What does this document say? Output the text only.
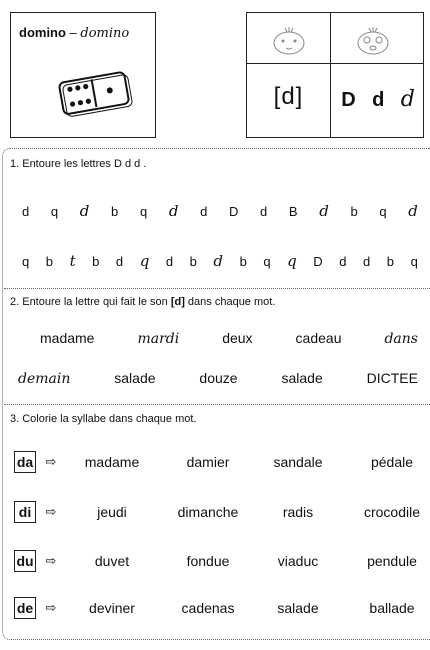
domino – domino
[d]	D d d
1. Entoure les lettres D d d .
d q d b q d d D d B d b q d
q b t b d q d b d b q q D d d b q
2. Entoure la lettre qui fait le son [d] dans chaque mot.
madame	mardi	deux	cadeau	dans
demain	salade	douze	salade	DICTEE
3. Colorie la syllabe dans chaque mot.
da ⇨	madame	damier	sandale	pédale
di	⇨	jeudi	dimanche	radis	crocodile
du ⇨	duvet	fondue	viaduc	pendule
de ⇨	deviner	cadenas	salade	ballade
